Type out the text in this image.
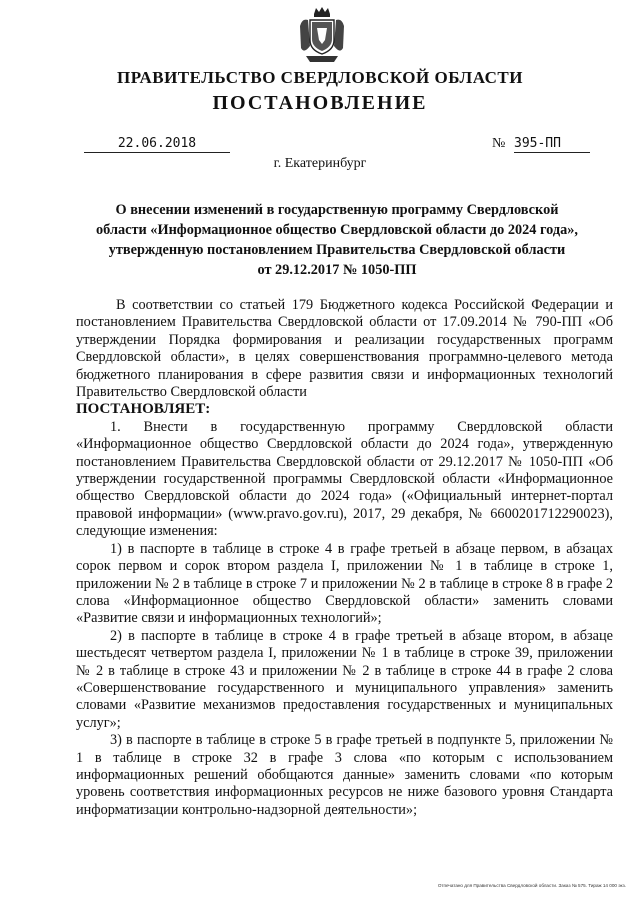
ПРАВИТЕЛЬСТВО СВЕРДЛОВСКОЙ ОБЛАСТИ
ПОСТАНОВЛЕНИЕ
22.06.2018	№ 395-ПП
г. Екатеринбург
О внесении изменений в государственную программу Свердловской
области «Информационное общество Свердловской области до 2024 года»,
утвержденную постановлением Правительства Свердловской области
от 29.12.2017 № 1050-ПП

В соответствии со статьей 179 Бюджетного кодекса Российской Федерации и постановлением Правительства Свердловской области от 17.09.2014 № 790-ПП «Об утверждении Порядка формирования и реализации государственных программ Свердловской области», в целях совершенствования программно-целевого метода бюджетного планирования в сфере развития связи и информационных технологий Правительство Свердловской области

ПОСТАНОВЛЯЕТ:

1. Внести в государственную программу Свердловской области «Информационное общество Свердловской области до 2024 года», утвержденную постановлением Правительства Свердловской области от 29.12.2017 № 1050-ПП «Об утверждении государственной программы Свердловской области «Информационное общество Свердловской области до 2024 года» («Официальный интернет-портал правовой информации» (www.pravo.gov.ru), 2017, 29 декабря, № 6600201712290023), следующие изменения:

1) в паспорте в таблице в строке 4 в графе третьей в абзаце первом, в абзацах сорок первом и сорок втором раздела I, приложении № 1 в таблице в строке 1, приложении № 2 в таблице в строке 7 и приложении № 2 в таблице в строке 8 в графе 2 слова «Информационное общество Свердловской области» заменить словами «Развитие связи и информационных технологий»;

2) в паспорте в таблице в строке 4 в графе третьей в абзаце втором, в абзаце шестьдесят четвертом раздела I, приложении № 1 в таблице в строке 39, приложении № 2 в таблице в строке 43 и приложении № 2 в таблице в строке 44 в графе 2 слова «Совершенствование государственного и муниципального управления» заменить словами «Развитие механизмов предоставления государственных и муниципальных услуг»;

3) в паспорте в таблице в строке 5 в графе третьей в подпункте 5, приложении № 1 в таблице в строке 32 в графе 3 слова «по которым с использованием информационных решений обобщаются данные» заменить словами «по которым уровень соответствия информационных ресурсов не ниже базового уровня Стандарта информатизации контрольно-надзорной деятельности»;

Отпечатано для Правительства Свердловской области. Заказ № 575. Тираж 14 000 экз.
